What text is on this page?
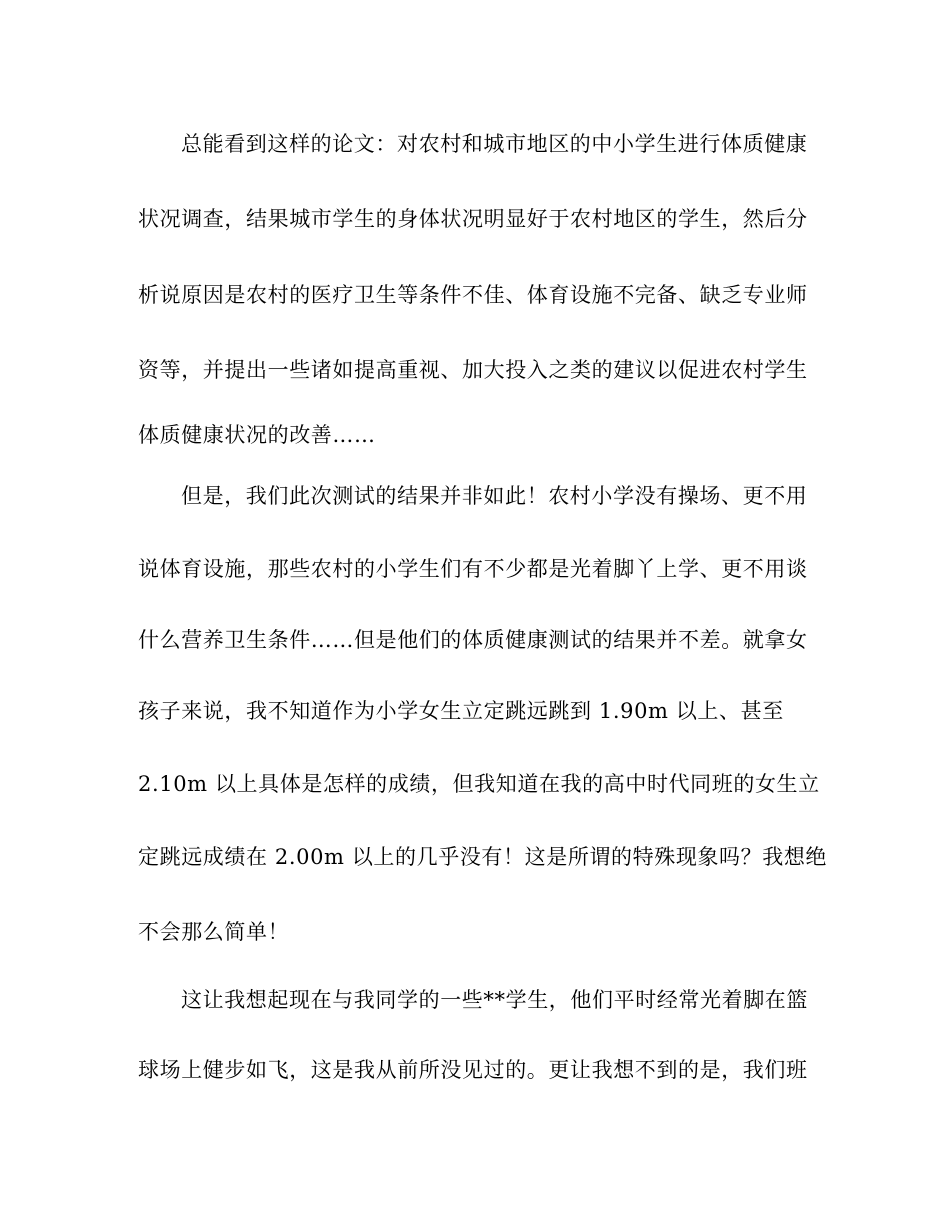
总能看到这样的论文：对农村和城市地区的中小学生进行体质健康

状况调查，结果城市学生的身体状况明显好于农村地区的学生，然后分

析说原因是农村的医疗卫生等条件不佳、体育设施不完备、缺乏专业师

资等，并提出一些诸如提高重视、加大投入之类的建议以促进农村学生

体质健康状况的改善……

但是，我们此次测试的结果并非如此！农村小学没有操场、更不用

说体育设施，那些农村的小学生们有不少都是光着脚丫上学、更不用谈

什么营养卫生条件……但是他们的体质健康测试的结果并不差。就拿女

孩子来说，我不知道作为小学女生立定跳远跳到 1.90m 以上、甚至

2.10m 以上具体是怎样的成绩，但我知道在我的高中时代同班的女生立

定跳远成绩在 2.00m 以上的几乎没有！这是所谓的特殊现象吗？我想绝

不会那么简单！

这让我想起现在与我同学的一些**学生，他们平时经常光着脚在篮

球场上健步如飞，这是我从前所没见过的。更让我想不到的是，我们班
